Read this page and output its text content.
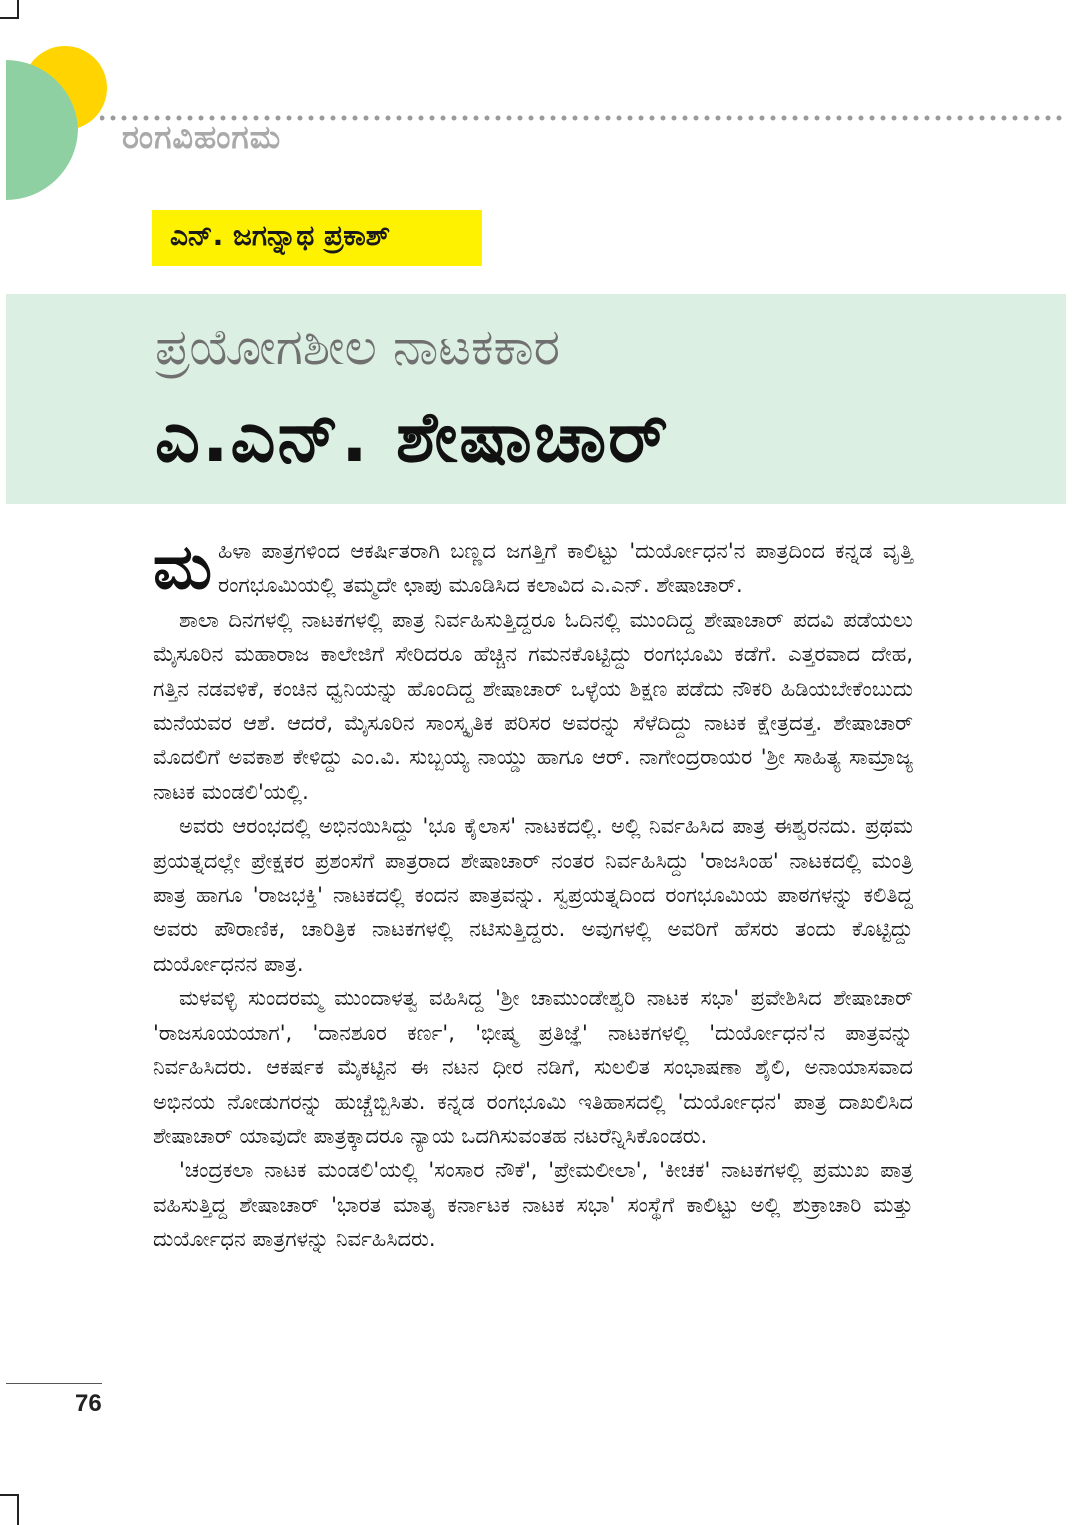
ರಂಗವಿಹಂಗಮ
ಎನ್. ಜಗನ್ನಾಥ ಪ್ರಕಾಶ್
ಪ್ರಯೋಗಶೀಲ ನಾಟಕಕಾರ
ಎ.ಎನ್. ಶೇಷಾಚಾರ್

ಮಹಿಳಾ ಪಾತ್ರಗಳಿಂದ ಆಕರ್ಷಿತರಾಗಿ ಬಣ್ಣದ ಜಗತ್ತಿಗೆ ಕಾಲಿಟ್ಟು 'ದುರ್ಯೋಧನ'ನ ಪಾತ್ರದಿಂದ ಕನ್ನಡ ವೃತ್ತಿ ರಂಗಭೂಮಿಯಲ್ಲಿ ತಮ್ಮದೇ ಛಾಪು ಮೂಡಿಸಿದ ಕಲಾವಿದ ಎ.ಎನ್. ಶೇಷಾಚಾರ್.

ಶಾಲಾ ದಿನಗಳಲ್ಲಿ ನಾಟಕಗಳಲ್ಲಿ ಪಾತ್ರ ನಿರ್ವಹಿಸುತ್ತಿದ್ದರೂ ಓದಿನಲ್ಲಿ ಮುಂದಿದ್ದ ಶೇಷಾಚಾರ್ ಪದವಿ ಪಡೆಯಲು ಮೈಸೂರಿನ ಮಹಾರಾಜ ಕಾಲೇಜಿಗೆ ಸೇರಿದರೂ ಹೆಚ್ಚಿನ ಗಮನಕೊಟ್ಟಿದ್ದು ರಂಗಭೂಮಿ ಕಡೆಗೆ. ಎತ್ತರವಾದ ದೇಹ, ಗತ್ತಿನ ನಡವಳಿಕೆ, ಕಂಚಿನ ಧ್ವನಿಯನ್ನು ಹೊಂದಿದ್ದ ಶೇಷಾಚಾರ್ ಒಳ್ಳೆಯ ಶಿಕ್ಷಣ ಪಡೆದು ನೌಕರಿ ಹಿಡಿಯಬೇಕೆಂಬುದು ಮನೆಯವರ ಆಶೆ. ಆದರೆ, ಮೈಸೂರಿನ ಸಾಂಸ್ಕೃತಿಕ ಪರಿಸರ ಅವರನ್ನು ಸೆಳೆದಿದ್ದು ನಾಟಕ ಕ್ಷೇತ್ರದತ್ತ. ಶೇಷಾಚಾರ್ ಮೊದಲಿಗೆ ಅವಕಾಶ ಕೇಳಿದ್ದು ಎಂ.ವಿ. ಸುಬ್ಬಯ್ಯ ನಾಯ್ಡು ಹಾಗೂ ಆರ್. ನಾಗೇಂದ್ರರಾಯರ 'ಶ್ರೀ ಸಾಹಿತ್ಯ ಸಾಮ್ರಾಜ್ಯ ನಾಟಕ ಮಂಡಲಿ'ಯಲ್ಲಿ.

ಅವರು ಆರಂಭದಲ್ಲಿ ಅಭಿನಯಿಸಿದ್ದು 'ಭೂ ಕೈಲಾಸ' ನಾಟಕದಲ್ಲಿ. ಅಲ್ಲಿ ನಿರ್ವಹಿಸಿದ ಪಾತ್ರ ಈಶ್ವರನದು. ಪ್ರಥಮ ಪ್ರಯತ್ನದಲ್ಲೇ ಪ್ರೇಕ್ಷಕರ ಪ್ರಶಂಸೆಗೆ ಪಾತ್ರರಾದ ಶೇಷಾಚಾರ್ ನಂತರ ನಿರ್ವಹಿಸಿದ್ದು 'ರಾಜಸಿಂಹ' ನಾಟಕದಲ್ಲಿ ಮಂತ್ರಿ ಪಾತ್ರ ಹಾಗೂ 'ರಾಜಭಕ್ತಿ' ನಾಟಕದಲ್ಲಿ ಕಂದನ ಪಾತ್ರವನ್ನು. ಸ್ವಪ್ರಯತ್ನದಿಂದ ರಂಗಭೂಮಿಯ ಪಾಠಗಳನ್ನು ಕಲಿತಿದ್ದ ಅವರು ಪೌರಾಣಿಕ, ಚಾರಿತ್ರಿಕ ನಾಟಕಗಳಲ್ಲಿ ನಟಿಸುತ್ತಿದ್ದರು. ಅವುಗಳಲ್ಲಿ ಅವರಿಗೆ ಹೆಸರು ತಂದು ಕೊಟ್ಟಿದ್ದು ದುರ್ಯೋಧನನ ಪಾತ್ರ.

ಮಳವಳ್ಳಿ ಸುಂದರಮ್ಮ ಮುಂದಾಳತ್ವ ವಹಿಸಿದ್ದ 'ಶ್ರೀ ಚಾಮುಂಡೇಶ್ವರಿ ನಾಟಕ ಸಭಾ' ಪ್ರವೇಶಿಸಿದ ಶೇಷಾಚಾರ್ 'ರಾಜಸೂಯಯಾಗ', 'ದಾನಶೂರ ಕರ್ಣ', 'ಭೀಷ್ಮ ಪ್ರತಿಜ್ಞೆ' ನಾಟಕಗಳಲ್ಲಿ 'ದುರ್ಯೋಧನ'ನ ಪಾತ್ರವನ್ನು ನಿರ್ವಹಿಸಿದರು. ಆಕರ್ಷಕ ಮೈಕಟ್ಟಿನ ಈ ನಟನ ಧೀರ ನಡಿಗೆ, ಸುಲಲಿತ ಸಂಭಾಷಣಾ ಶೈಲಿ, ಅನಾಯಾಸವಾದ ಅಭಿನಯ ನೋಡುಗರನ್ನು ಹುಚ್ಚೆಬ್ಬಿಸಿತು. ಕನ್ನಡ ರಂಗಭೂಮಿ ಇತಿಹಾಸದಲ್ಲಿ 'ದುರ್ಯೋಧನ' ಪಾತ್ರ ದಾಖಲಿಸಿದ ಶೇಷಾಚಾರ್ ಯಾವುದೇ ಪಾತ್ರಕ್ಕಾದರೂ ನ್ಯಾಯ ಒದಗಿಸುವಂತಹ ನಟರೆನ್ನಿಸಿಕೊಂಡರು.

'ಚಂದ್ರಕಲಾ ನಾಟಕ ಮಂಡಲಿ'ಯಲ್ಲಿ 'ಸಂಸಾರ ನೌಕೆ', 'ಪ್ರೇಮಲೀಲಾ', 'ಕೀಚಕ' ನಾಟಕಗಳಲ್ಲಿ ಪ್ರಮುಖ ಪಾತ್ರ ವಹಿಸುತ್ತಿದ್ದ ಶೇಷಾಚಾರ್ 'ಭಾರತ ಮಾತೃ ಕರ್ನಾಟಕ ನಾಟಕ ಸಭಾ' ಸಂಸ್ಥೆಗೆ ಕಾಲಿಟ್ಟು ಅಲ್ಲಿ ಶುಕ್ರಾಚಾರಿ ಮತ್ತು ದುರ್ಯೋಧನ ಪಾತ್ರಗಳನ್ನು ನಿರ್ವಹಿಸಿದರು.

76
